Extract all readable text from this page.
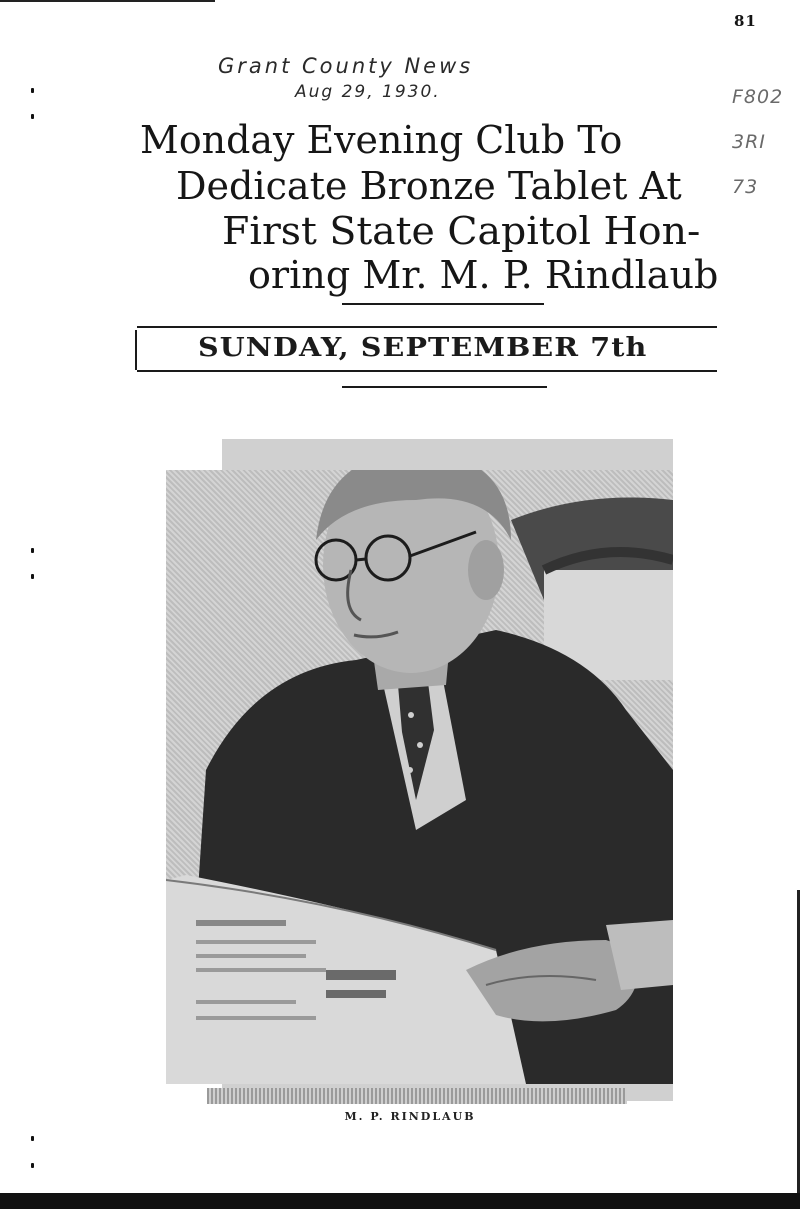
81
Grant County News
Aug 29, 1930.	F802
3RI
73
Monday Evening Club To
Dedicate Bronze Tablet At
First State Capitol Hon-
oring Mr. M. P. Rindlaub
SUNDAY, SEPTEMBER 7th
M. P. RINDLAUB
